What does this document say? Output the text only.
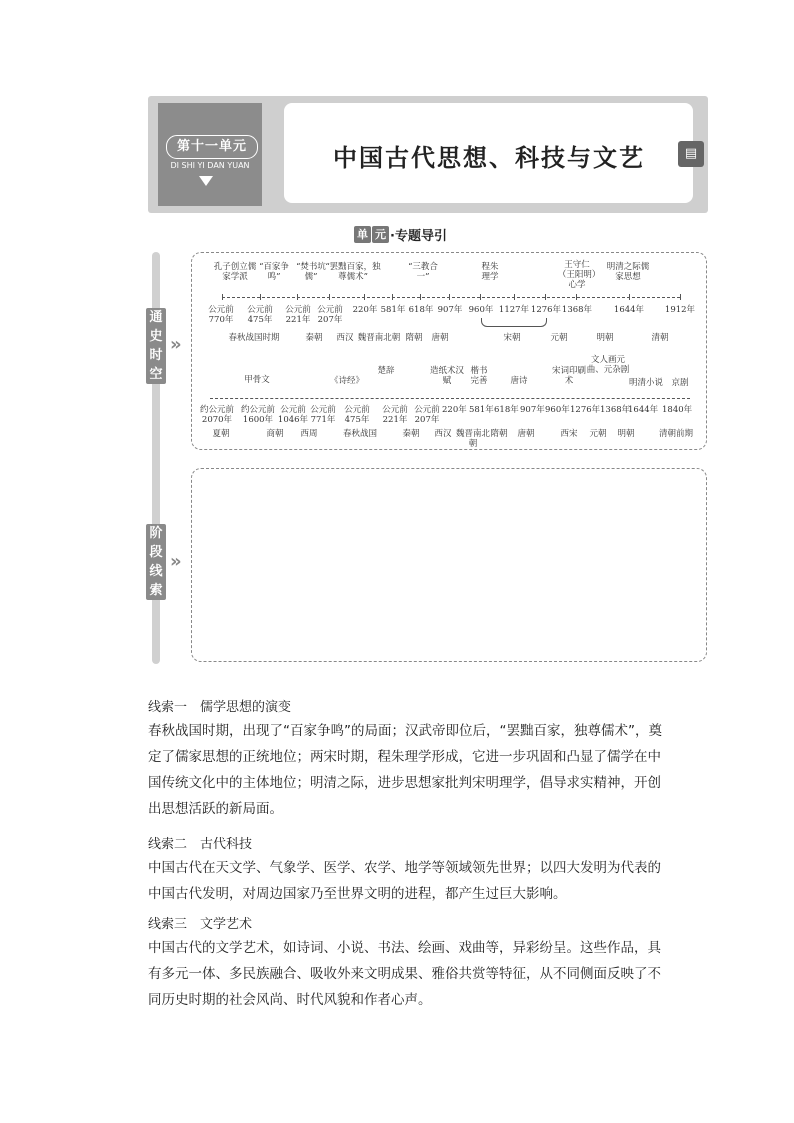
第十一单元
DI SHI YI DAN YUAN	中国古代思想、科技与文艺	▤
单 元 ·专题导引
通史时空
»
阶段线索
»
孔子创立儒家学派
“百家争鸣”
“焚书坑儒”
“罢黜百家，独尊儒术”
“三教合一”
程朱理学
王守仁（王阳明）心学
明清之际儒家思想
公元前770年
公元前475年
公元前221年
公元前207年
220年 581年 618年 907年 960年 1127年 1276年 1368年	1644年 1912年
春秋战国时期	秦朝 西汉 魏晋南北朝 隋朝 唐朝	宋朝	元朝	明朝	清朝
甲骨文	《诗经》
楚辞	造纸术汉赋
楷书完善	唐诗
宋词印刷术
文人画元曲、元杂剧
明清小说 京剧
约公元前2070年
约公元前1600年
公元前1046年
公元前771年
公元前475年
公元前221年
公元前207年
220年 581年 618年 907年 960年 1276年 1368年
1644年 1840年
夏朝	商朝 西周	春秋战国	秦朝 西汉 魏晋南北朝
隋朝 唐朝	西宋 元朝 明朝	清朝前期
线索一　儒学思想的演变
春秋战国时期，出现了“百家争鸣”的局面；汉武帝即位后，“罢黜百家，独尊儒术”，奠定了儒家思想的正统地位；两宋时期，程朱理学形成，它进一步巩固和凸显了儒学在中国传统文化中的主体地位；明清之际，进步思想家批判宋明理学，倡导求实精神，开创出思想活跃的新局面。
线索二　古代科技
中国古代在天文学、气象学、医学、农学、地学等领域领先世界；以四大发明为代表的中国古代发明，对周边国家乃至世界文明的进程，都产生过巨大影响。
线索三　文学艺术
中国古代的文学艺术，如诗词、小说、书法、绘画、戏曲等，异彩纷呈。这些作品，具有多元一体、多民族融合、吸收外来文明成果、雅俗共赏等特征，从不同侧面反映了不同历史时期的社会风尚、时代风貌和作者心声。
